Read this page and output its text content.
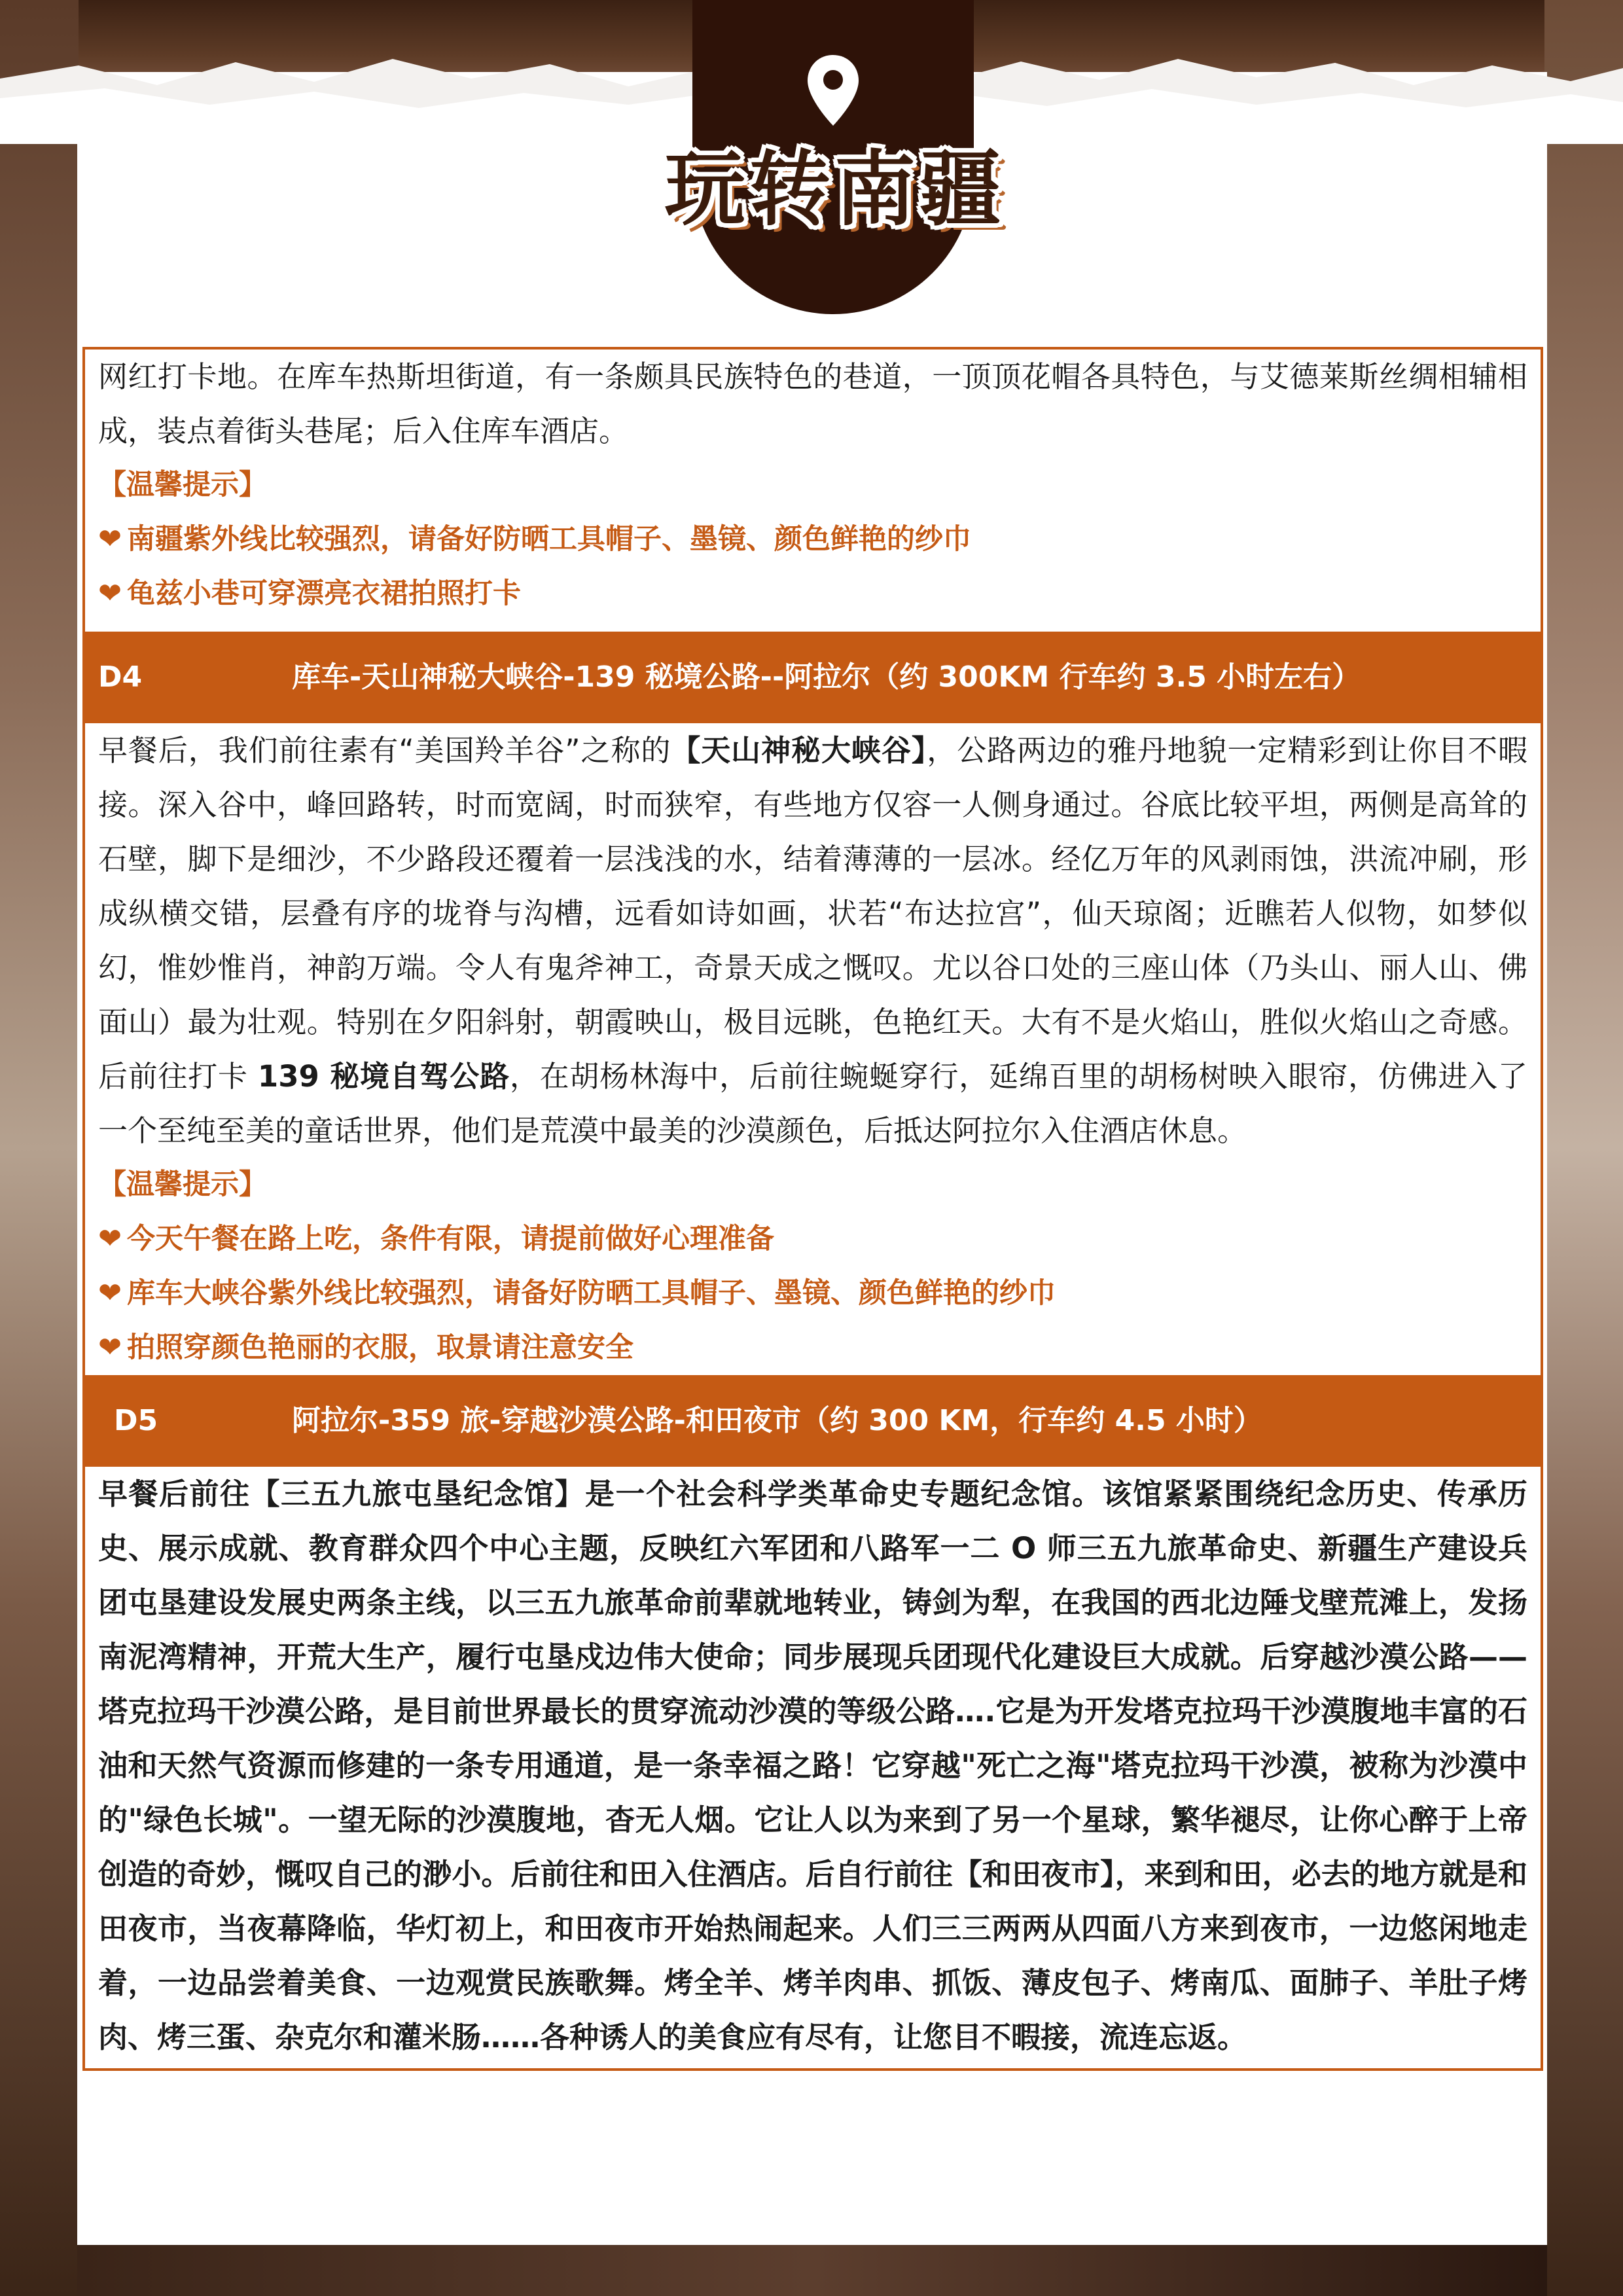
玩转南疆

网红打卡地。在库车热斯坦街道，有一条颇具民族特色的巷道，一顶顶花帽各具特色，与艾德莱斯丝绸相辅相成，装点着街头巷尾；后入住库车酒店。

【温馨提示】

❤ 南疆紫外线比较强烈，请备好防晒工具帽子、墨镜、颜色鲜艳的纱巾

❤ 龟兹小巷可穿漂亮衣裙拍照打卡

D4	库车-天山神秘大峡谷-139 秘境公路--阿拉尔（约 300KM 行车约 3.5 小时左右）

早餐后，我们前往素有“美国羚羊谷”之称的【天山神秘大峡谷】，公路两边的雅丹地貌一定精彩到让你目不暇接。深入谷中，峰回路转，时而宽阔，时而狭窄，有些地方仅容一人侧身通过。谷底比较平坦，两侧是高耸的石壁，脚下是细沙，不少路段还覆着一层浅浅的水，结着薄薄的一层冰。经亿万年的风剥雨蚀，洪流冲刷，形成纵横交错，层叠有序的垅脊与沟槽，远看如诗如画，状若“布达拉宫”，仙天琼阁；近瞧若人似物，如梦似幻，惟妙惟肖，神韵万端。令人有鬼斧神工，奇景天成之慨叹。尤以谷口处的三座山体（乃头山、丽人山、佛面山）最为壮观。特别在夕阳斜射，朝霞映山，极目远眺，色艳红天。大有不是火焰山，胜似火焰山之奇感。后前往打卡 139 秘境自驾公路，在胡杨林海中，后前往蜿蜒穿行，延绵百里的胡杨树映入眼帘，仿佛进入了一个至纯至美的童话世界，他们是荒漠中最美的沙漠颜色，后抵达阿拉尔入住酒店休息。

【温馨提示】

❤ 今天午餐在路上吃，条件有限，请提前做好心理准备

❤ 库车大峡谷紫外线比较强烈，请备好防晒工具帽子、墨镜、颜色鲜艳的纱巾

❤ 拍照穿颜色艳丽的衣服，取景请注意安全

D5	阿拉尔-359 旅-穿越沙漠公路-和田夜市（约 300 KM，行车约 4.5 小时）

早餐后前往【三五九旅屯垦纪念馆】是一个社会科学类革命史专题纪念馆。该馆紧紧围绕纪念历史、传承历史、展示成就、教育群众四个中心主题，反映红六军团和八路军一二 O 师三五九旅革命史、新疆生产建设兵团屯垦建设发展史两条主线，以三五九旅革命前辈就地转业，铸剑为犁，在我国的西北边陲戈壁荒滩上，发扬南泥湾精神，开荒大生产，履行屯垦戍边伟大使命；同步展现兵团现代化建设巨大成就。后穿越沙漠公路——塔克拉玛干沙漠公路，是目前世界最长的贯穿流动沙漠的等级公路….它是为开发塔克拉玛干沙漠腹地丰富的石油和天然气资源而修建的一条专用通道，是一条幸福之路！它穿越"死亡之海"塔克拉玛干沙漠，被称为沙漠中的"绿色长城"。一望无际的沙漠腹地，杳无人烟。它让人以为来到了另一个星球，繁华褪尽，让你心醉于上帝创造的奇妙，慨叹自己的渺小。后前往和田入住酒店。后自行前往【和田夜市】，来到和田，必去的地方就是和田夜市，当夜幕降临，华灯初上，和田夜市开始热闹起来。人们三三两两从四面八方来到夜市，一边悠闲地走着，一边品尝着美食、一边观赏民族歌舞。烤全羊、烤羊肉串、抓饭、薄皮包子、烤南瓜、面肺子、羊肚子烤肉、烤三蛋、杂克尔和灌米肠……各种诱人的美食应有尽有，让您目不暇接，流连忘返。
